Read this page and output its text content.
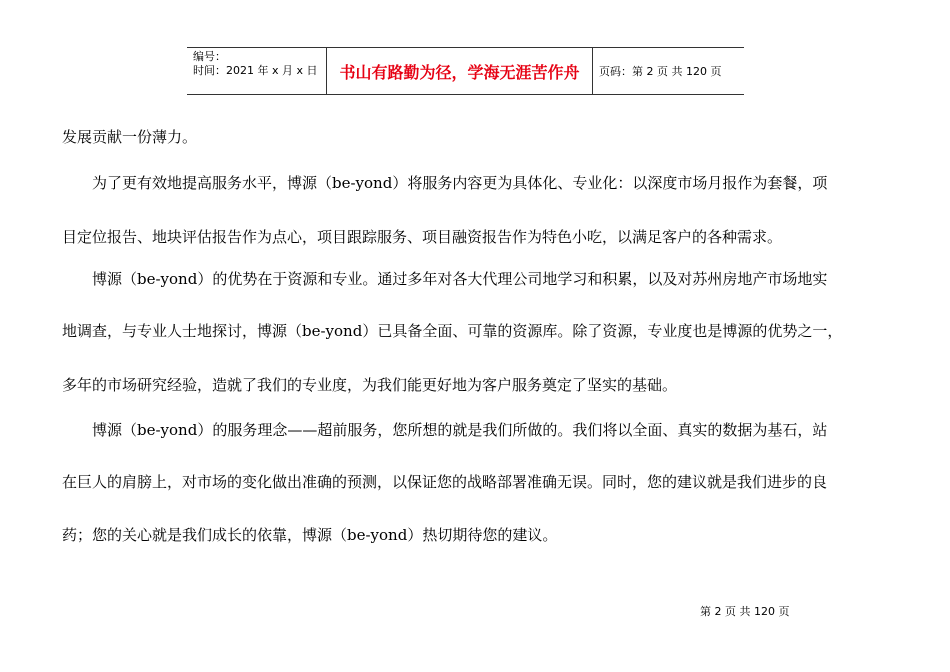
编号：
时间：2021 年 x 月 x 日	书山有路勤为径，学海无涯苦作舟	页码：第 2 页 共 120 页
发展贡献一份薄力。
　　为了更有效地提高服务水平，博源（be-yond）将服务内容更为具体化、专业化：以深度市场月报作为套餐，项
目定位报告、地块评估报告作为点心，项目跟踪服务、项目融资报告作为特色小吃，以满足客户的各种需求。
　　博源（be-yond）的优势在于资源和专业。通过多年对各大代理公司地学习和积累，以及对苏州房地产市场地实
地调查，与专业人士地探讨，博源（be-yond）已具备全面、可靠的资源库。除了资源，专业度也是博源的优势之一，
多年的市场研究经验，造就了我们的专业度，为我们能更好地为客户服务奠定了坚实的基础。
　　博源（be-yond）的服务理念——超前服务，您所想的就是我们所做的。我们将以全面、真实的数据为基石，站
在巨人的肩膀上，对市场的变化做出准确的预测，以保证您的战略部署准确无误。同时，您的建议就是我们进步的良
药；您的关心就是我们成长的依靠，博源（be-yond）热切期待您的建议。
第 2 页 共 120 页
